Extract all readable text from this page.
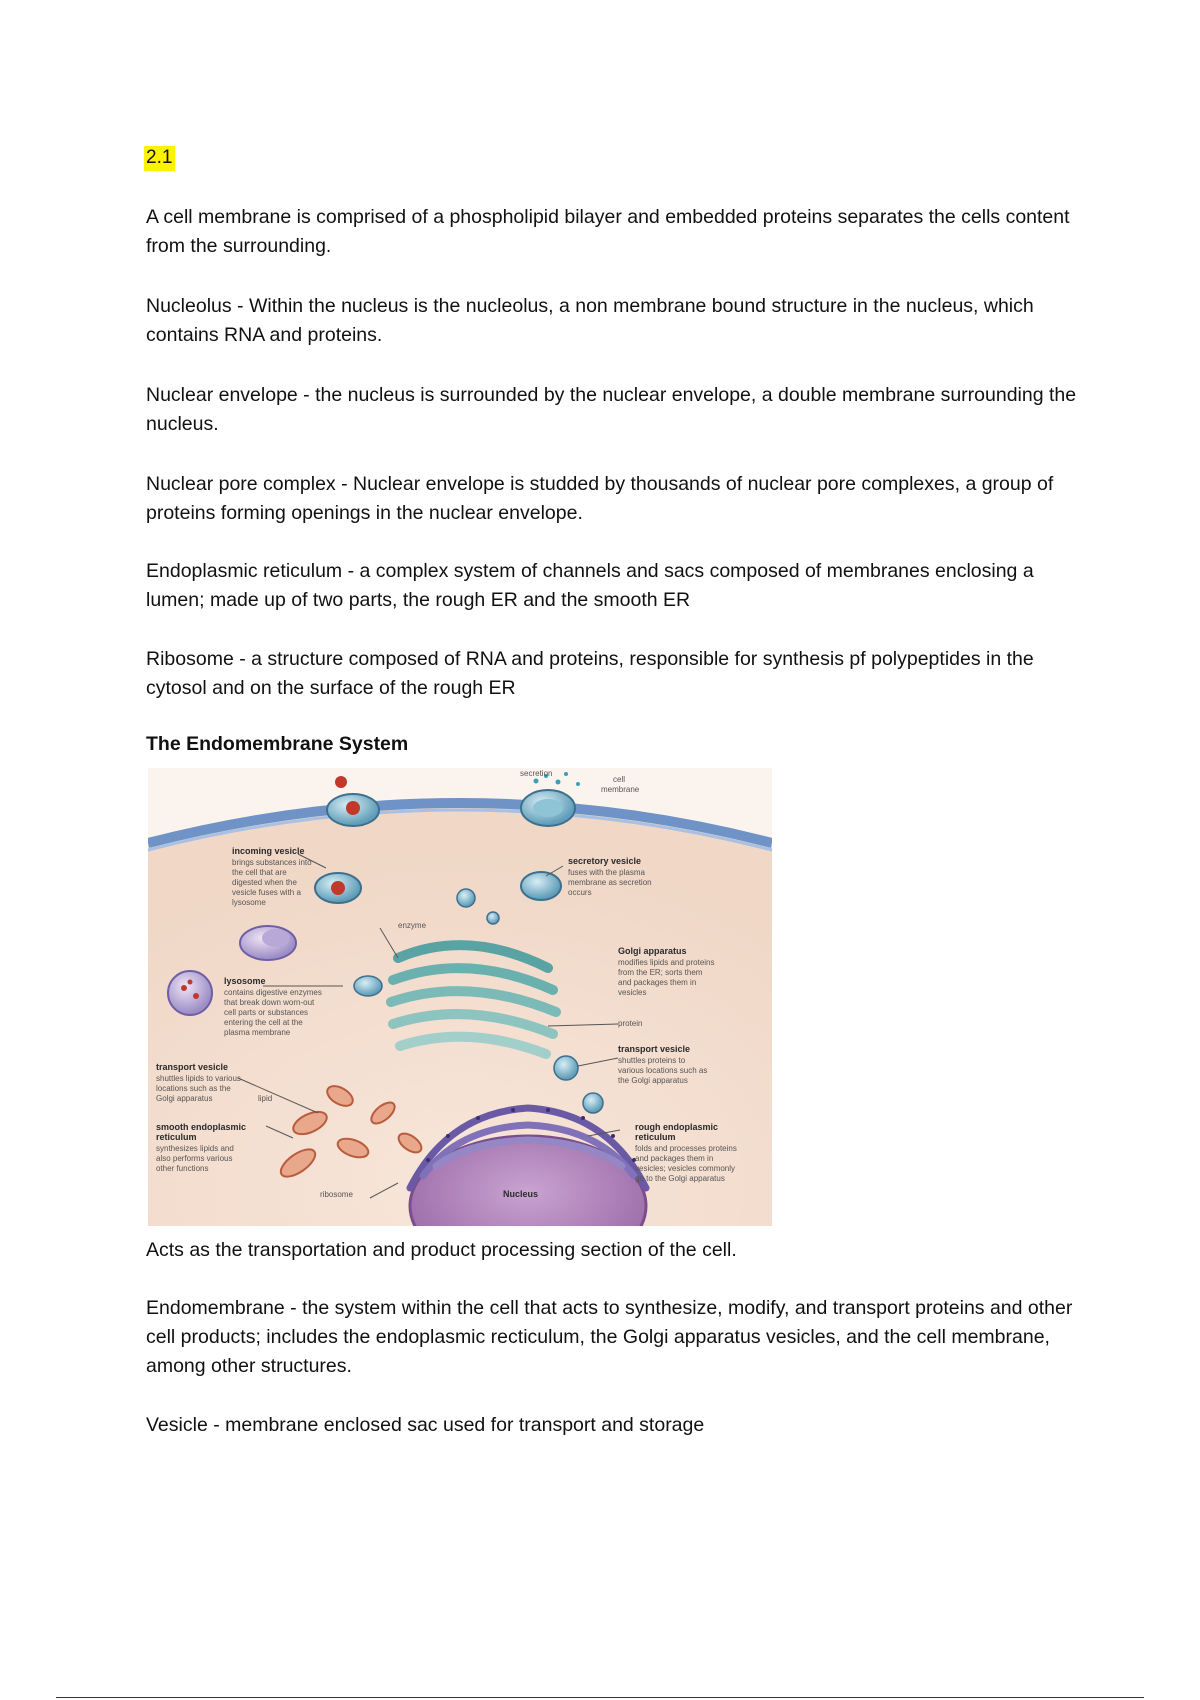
2.1

A cell membrane is comprised of a phospholipid bilayer and embedded proteins separates the cells content from the surrounding.

Nucleolus - Within the nucleus is the nucleolus, a non membrane bound structure in the nucleus, which contains RNA and proteins.

Nuclear envelope - the nucleus is surrounded by the nuclear envelope, a double membrane surrounding the nucleus.

Nuclear pore complex - Nuclear envelope is studded by thousands of nuclear pore complexes, a group of proteins forming openings in the nuclear envelope.

Endoplasmic reticulum - a complex system of channels and sacs composed of membranes enclosing a lumen; made up of two parts, the rough ER and the smooth ER

Ribosome - a structure composed of RNA and proteins, responsible for synthesis pf polypeptides in the cytosol and on the surface of the rough ER

The Endomembrane System
secretion
cell
membrane
incoming vesicle
brings substances into
the cell that are
digested when the
vesicle fuses with a
lysosome
secretory vesicle
fuses with the plasma
membrane as secretion
occurs
enzyme
Golgi apparatus
modifies lipids and proteins
from the ER; sorts them
and packages them in
vesicles
protein
lysosome
contains digestive enzymes
that break down worn-out
cell parts or substances
entering the cell at the
plasma membrane
transport vesicle
shuttles lipids to various
locations such as the
Golgi apparatus	lipid
transport vesicle
shuttles proteins to
various locations such as
the Golgi apparatus
smooth endoplasmic
reticulum
synthesizes lipids and
also performs various
other functions
rough endoplasmic
reticulum
folds and processes proteins
and packages them in
vesicles; vesicles commonly
go to the Golgi apparatus
ribosome	Nucleus

Acts as the transportation and product processing section of the cell.

Endomembrane - the system within the cell that acts to synthesize, modify, and transport proteins and other cell products; includes the endoplasmic recticulum, the Golgi apparatus vesicles, and the cell membrane, among other structures.

Vesicle - membrane enclosed sac used for transport and storage
